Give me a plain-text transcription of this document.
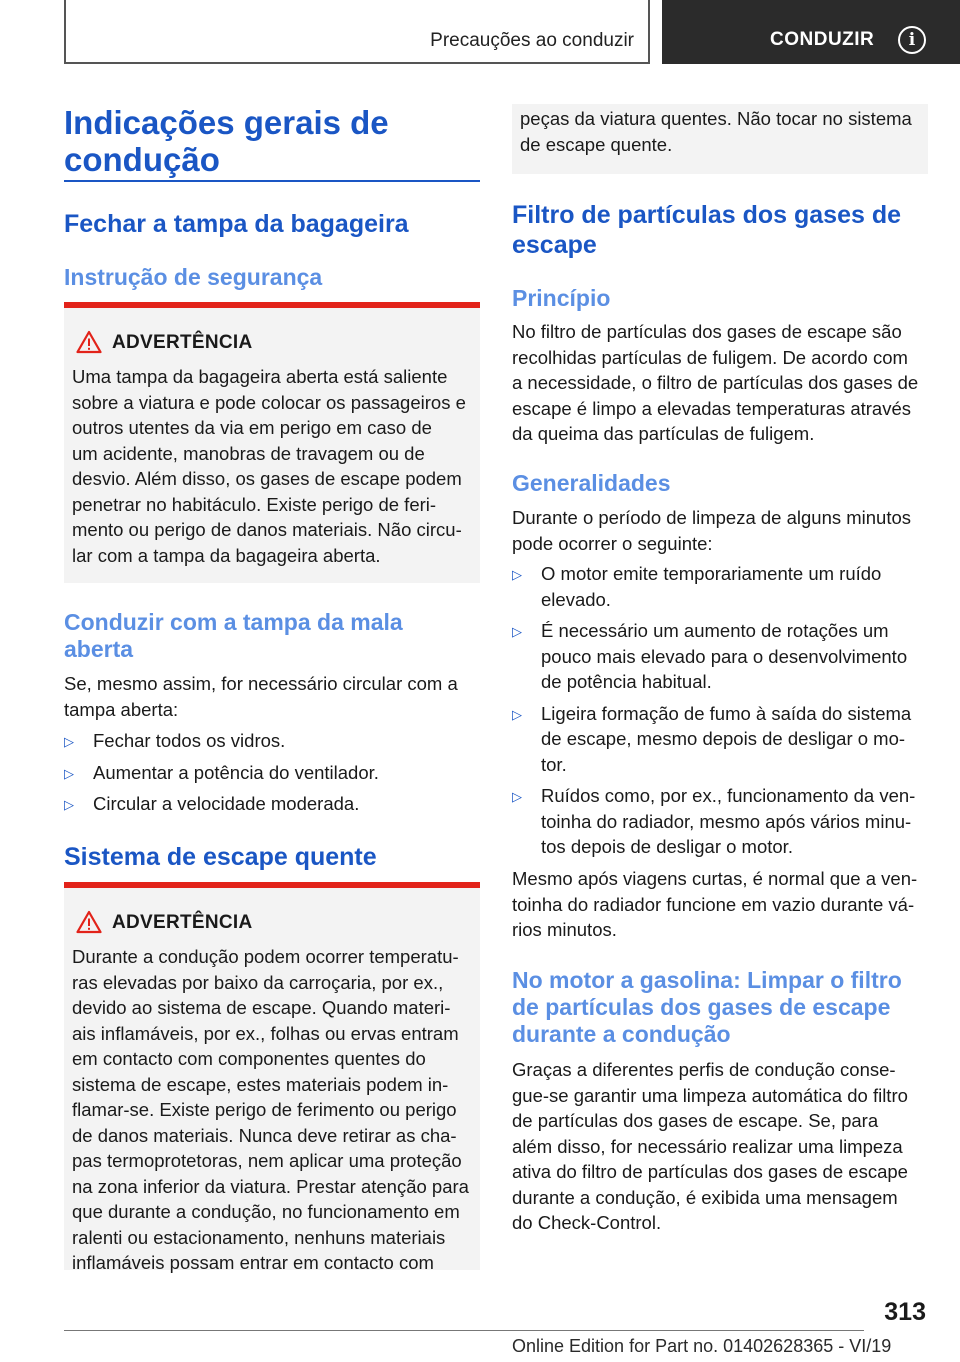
Precauções ao conduzir	CONDUZIR	i
Indicações gerais de
condução
Fechar a tampa da bagageira
Instrução de segurança
ADVERTÊNCIA
Uma tampa da bagageira aberta está saliente
sobre a viatura e pode colocar os passageiros e
outros utentes da via em perigo em caso de
um acidente, manobras de travagem ou de
desvio. Além disso, os gases de escape podem
penetrar no habitáculo. Existe perigo de feri-
mento ou perigo de danos materiais. Não circu-
lar com a tampa da bagageira aberta.
Conduzir com a tampa da mala
aberta
Se, mesmo assim, for necessário circular com a
tampa aberta:
▷ Fechar todos os vidros.
▷ Aumentar a potência do ventilador.
▷ Circular a velocidade moderada.
Sistema de escape quente
ADVERTÊNCIA
Durante a condução podem ocorrer temperatu-
ras elevadas por baixo da carroçaria, por ex.,
devido ao sistema de escape. Quando materi-
ais inflamáveis, por ex., folhas ou ervas entram
em contacto com componentes quentes do
sistema de escape, estes materiais podem in-
flamar-se. Existe perigo de ferimento ou perigo
de danos materiais. Nunca deve retirar as cha-
pas termoprotetoras, nem aplicar uma proteção
na zona inferior da viatura. Prestar atenção para
que durante a condução, no funcionamento em
ralenti ou estacionamento, nenhuns materiais
inflamáveis possam entrar em contacto com
peças da viatura quentes. Não tocar no sistema
de escape quente.
Filtro de partículas dos gases de
escape
Princípio
No filtro de partículas dos gases de escape são
recolhidas partículas de fuligem. De acordo com
a necessidade, o filtro de partículas dos gases de
escape é limpo a elevadas temperaturas através
da queima das partículas de fuligem.
Generalidades
Durante o período de limpeza de alguns minutos
pode ocorrer o seguinte:
▷ O motor emite temporariamente um ruído
elevado.
▷ É necessário um aumento de rotações um
pouco mais elevado para o desenvolvimento
de potência habitual.
▷ Ligeira formação de fumo à saída do sistema
de escape, mesmo depois de desligar o mo-
tor.
▷ Ruídos como, por ex., funcionamento da ven-
toinha do radiador, mesmo após vários minu-
tos depois de desligar o motor.
Mesmo após viagens curtas, é normal que a ven-
toinha do radiador funcione em vazio durante vá-
rios minutos.
No motor a gasolina: Limpar o filtro
de partículas dos gases de escape
durante a condução
Graças a diferentes perfis de condução conse-
gue-se garantir uma limpeza automática do filtro
de partículas dos gases de escape. Se, para
além disso, for necessário realizar uma limpeza
ativa do filtro de partículas dos gases de escape
durante a condução, é exibida uma mensagem
do Check-Control.
313
Online Edition for Part no. 01402628365 - VI/19
